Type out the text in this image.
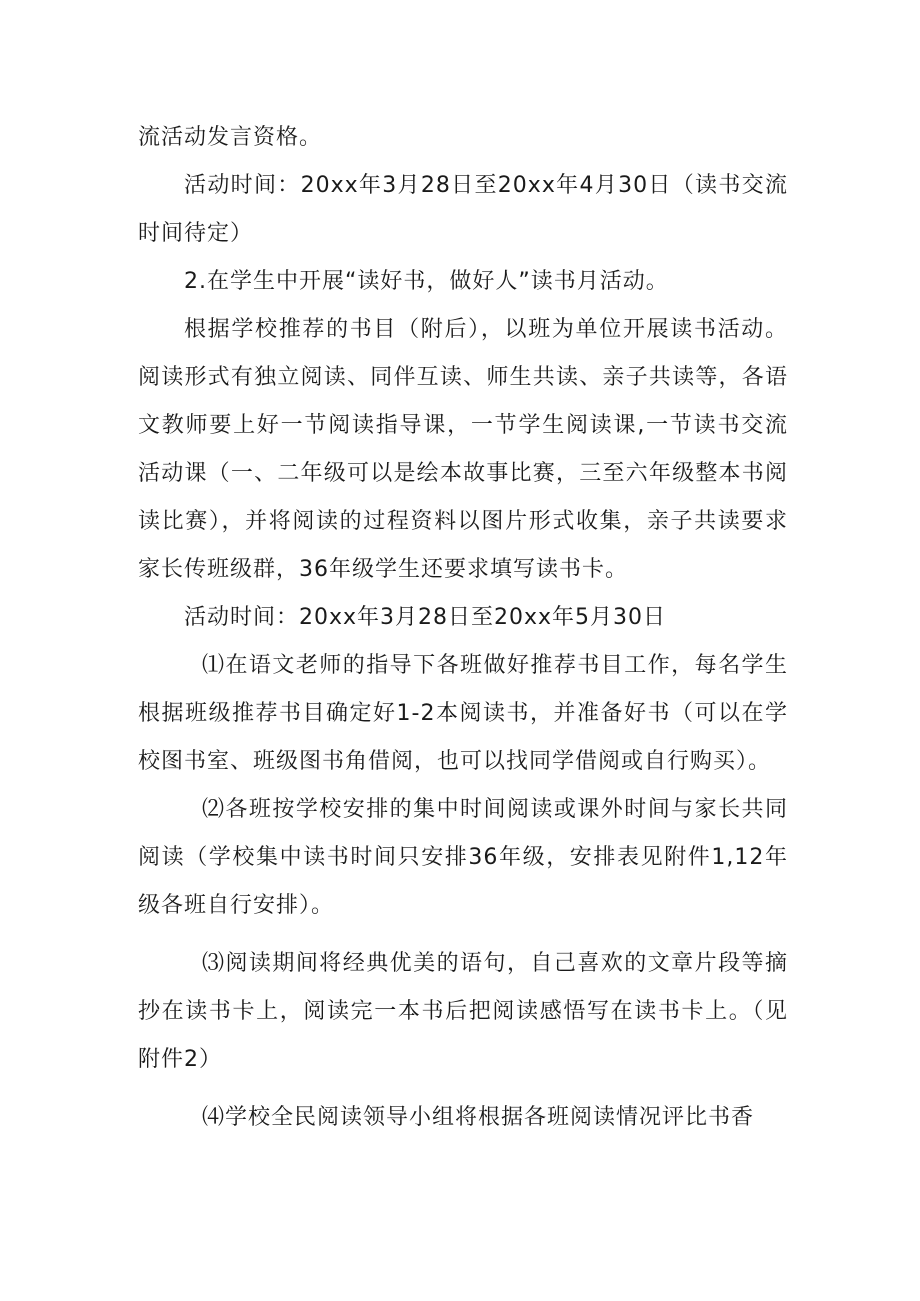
流活动发言资格。

活动时间：20xx年3月28日至20xx年4月30日（读书交流时间待定）

2.在学生中开展“读好书，做好人”读书月活动。

根据学校推荐的书目（附后），以班为单位开展读书活动。阅读形式有独立阅读、同伴互读、师生共读、亲子共读等，各语文教师要上好一节阅读指导课，一节学生阅读课,一节读书交流活动课（一、二年级可以是绘本故事比赛，三至六年级整本书阅读比赛），并将阅读的过程资料以图片形式收集，亲子共读要求家长传班级群，36年级学生还要求填写读书卡。

活动时间：20xx年3月28日至20xx年5月30日

⑴在语文老师的指导下各班做好推荐书目工作，每名学生根据班级推荐书目确定好1-2本阅读书，并准备好书（可以在学校图书室、班级图书角借阅，也可以找同学借阅或自行购买）。

⑵各班按学校安排的集中时间阅读或课外时间与家长共同阅读（学校集中读书时间只安排36年级，安排表见附件1,12年级各班自行安排）。

⑶阅读期间将经典优美的语句，自己喜欢的文章片段等摘抄在读书卡上，阅读完一本书后把阅读感悟写在读书卡上。（见附件2）

⑷学校全民阅读领导小组将根据各班阅读情况评比书香
